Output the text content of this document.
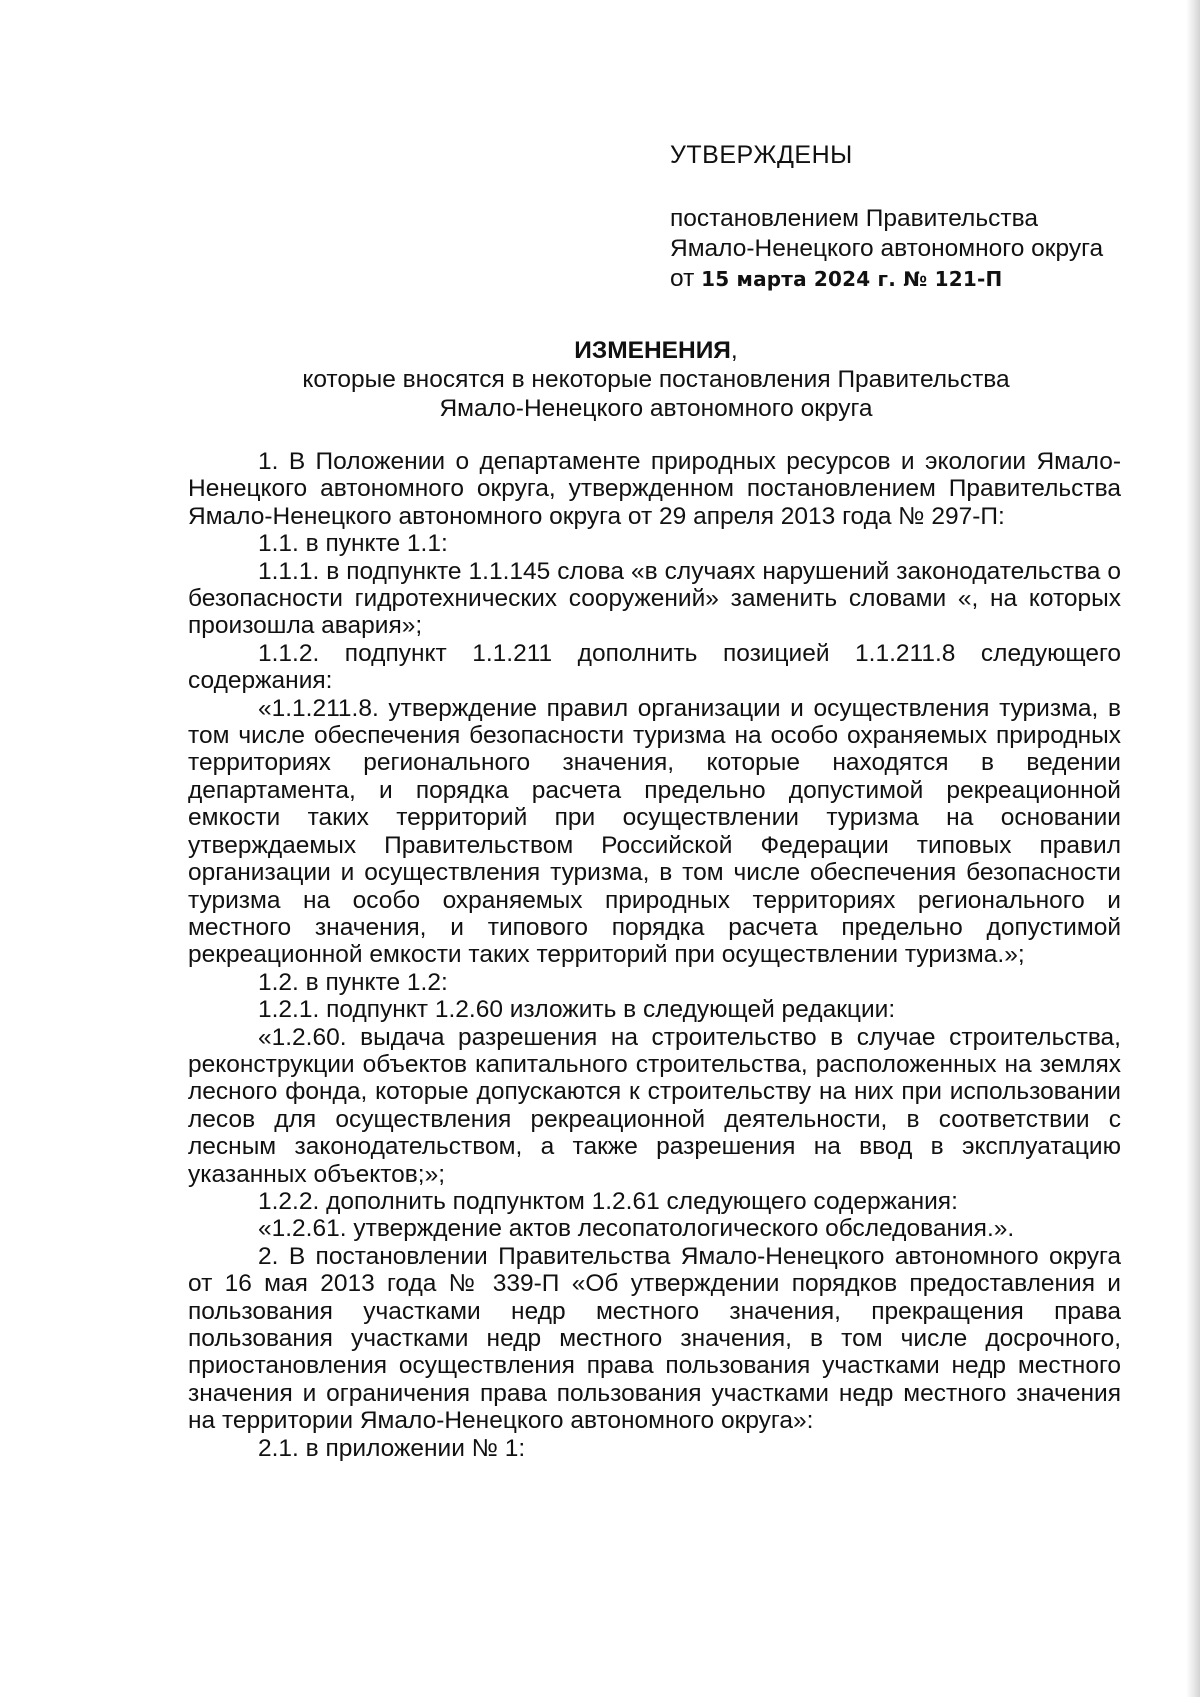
УТВЕРЖДЕНЫ
постановлением Правительства
Ямало-Ненецкого автономного округа
от 15 марта 2024 г. № 121-П
ИЗМЕНЕНИЯ,
которые вносятся в некоторые постановления Правительства
Ямало-Ненецкого автономного округа

1. В Положении о департаменте природных ресурсов и экологии Ямало-Ненецкого автономного округа, утвержденном постановлением Правительства Ямало-Ненецкого автономного округа от 29 апреля 2013 года № 297-П:

1.1. в пункте 1.1:

1.1.1. в подпункте 1.1.145 слова «в случаях нарушений законодательства о безопасности гидротехнических сооружений» заменить словами «, на которых произошла авария»;

1.1.2. подпункт 1.1.211 дополнить позицией 1.1.211.8 следующего содержания:

«1.1.211.8. утверждение правил организации и осуществления туризма, в том числе обеспечения безопасности туризма на особо охраняемых природных территориях регионального значения, которые находятся в ведении департамента, и порядка расчета предельно допустимой рекреационной емкости таких территорий при осуществлении туризма на основании утверждаемых Правительством Российской Федерации типовых правил организации и осуществления туризма, в том числе обеспечения безопасности туризма на особо охраняемых природных территориях регионального и местного значения, и типового порядка расчета предельно допустимой рекреационной емкости таких территорий при осуществлении туризма.»;

1.2. в пункте 1.2:

1.2.1. подпункт 1.2.60 изложить в следующей редакции:

«1.2.60. выдача разрешения на строительство в случае строительства, реконструкции объектов капитального строительства, расположенных на землях лесного фонда, которые допускаются к строительству на них при использовании лесов для осуществления рекреационной деятельности, в соответствии с лесным законодательством, а также разрешения на ввод в эксплуатацию указанных объектов;»;

1.2.2. дополнить подпунктом 1.2.61 следующего содержания:

«1.2.61. утверждение актов лесопатологического обследования.».

2. В постановлении Правительства Ямало-Ненецкого автономного округа от 16 мая 2013 года № 339-П «Об утверждении порядков предоставления и пользования участками недр местного значения, прекращения права пользования участками недр местного значения, в том числе досрочного, приостановления осуществления права пользования участками недр местного значения и ограничения права пользования участками недр местного значения на территории Ямало-Ненецкого автономного округа»:

2.1. в приложении № 1:
